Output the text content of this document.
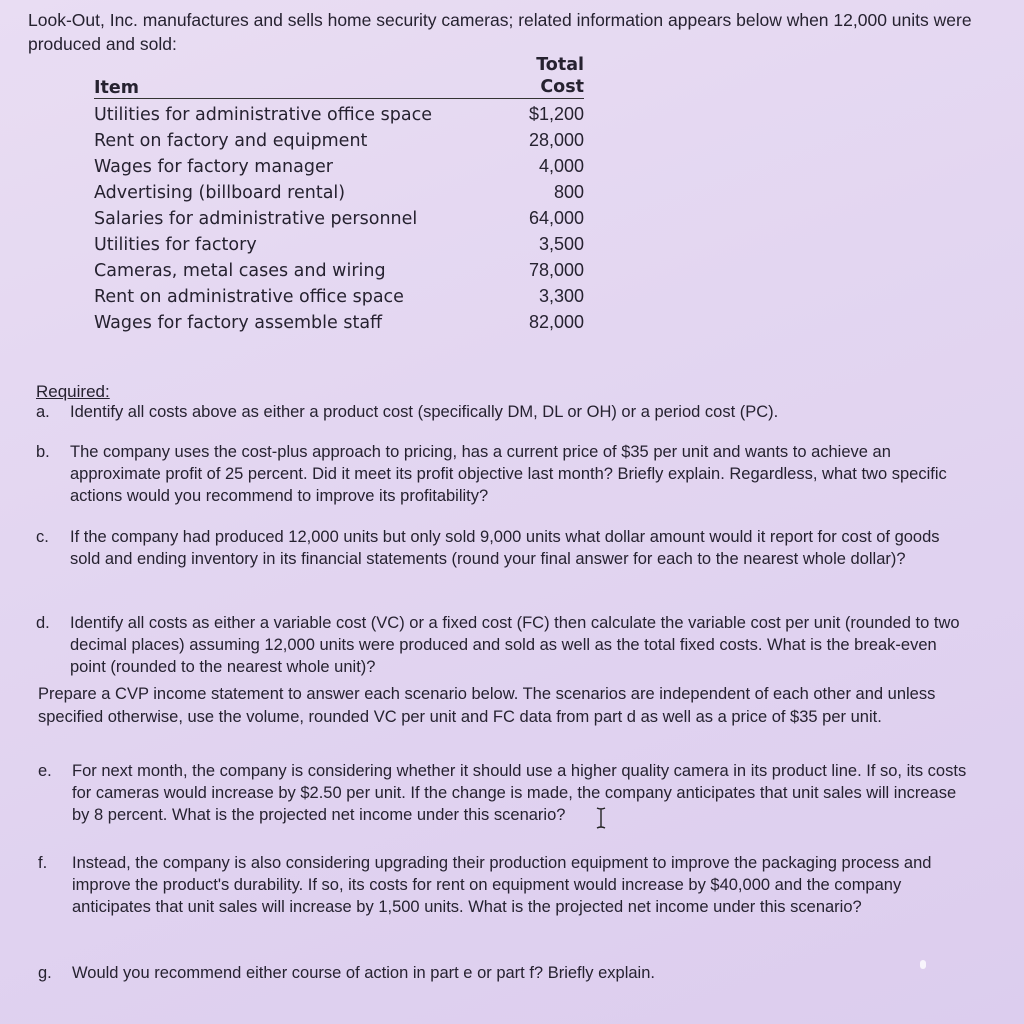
Look-Out, Inc. manufactures and sells home security cameras; related information appears below when 12,000 units were produced and sold:
Item	Total
Cost
Utilities for administrative office space	$1,200
Rent on factory and equipment	28,000
Wages for factory manager	4,000
Advertising (billboard rental)	800
Salaries for administrative personnel	64,000
Utilities for factory	3,500
Cameras, metal cases and wiring	78,000
Rent on administrative office space	3,300
Wages for factory assemble staff	82,000
Required:
a. Identify all costs above as either a product cost (specifically DM, DL or OH) or a period cost (PC).
b. The company uses the cost-plus approach to pricing, has a current price of $35 per unit and wants to achieve an approximate profit of 25 percent. Did it meet its profit objective last month? Briefly explain. Regardless, what two specific actions would you recommend to improve its profitability?
c. If the company had produced 12,000 units but only sold 9,000 units what dollar amount would it report for cost of goods sold and ending inventory in its financial statements (round your final answer for each to the nearest whole dollar)?
d. Identify all costs as either a variable cost (VC) or a fixed cost (FC) then calculate the variable cost per unit (rounded to two decimal places) assuming 12,000 units were produced and sold as well as the total fixed costs. What is the break-even point (rounded to the nearest whole unit)?
Prepare a CVP income statement to answer each scenario below. The scenarios are independent of each other and unless specified otherwise, use the volume, rounded VC per unit and FC data from part d as well as a price of $35 per unit.
e. For next month, the company is considering whether it should use a higher quality camera in its product line. If so, its costs for cameras would increase by $2.50 per unit. If the change is made, the company anticipates that unit sales will increase by 8 percent. What is the projected net income under this scenario?
f. Instead, the company is also considering upgrading their production equipment to improve the packaging process and improve the product's durability. If so, its costs for rent on equipment would increase by $40,000 and the company anticipates that unit sales will increase by 1,500 units. What is the projected net income under this scenario?
g. Would you recommend either course of action in part e or part f? Briefly explain.
